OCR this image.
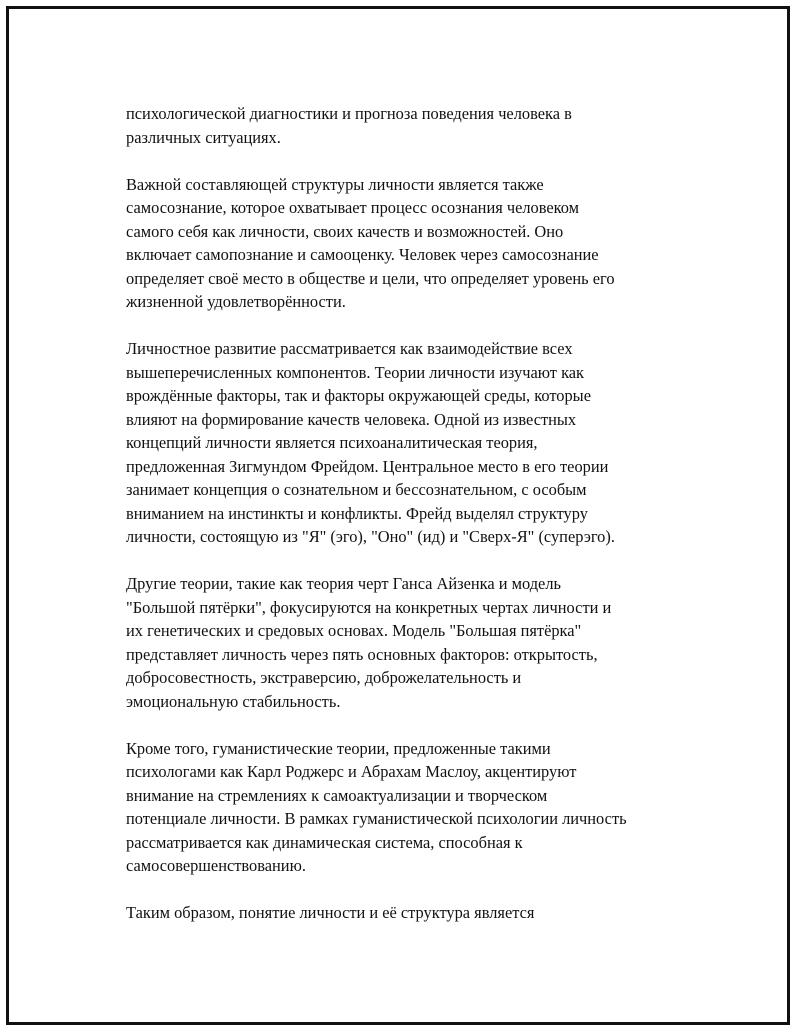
психологической диагностики и прогноза поведения человека в
различных ситуациях.

Важной составляющей структуры личности является также
самосознание, которое охватывает процесс осознания человеком
самого себя как личности, своих качеств и возможностей. Оно
включает самопознание и самооценку. Человек через самосознание
определяет своё место в обществе и цели, что определяет уровень его
жизненной удовлетворённости.

Личностное развитие рассматривается как взаимодействие всех
вышеперечисленных компонентов. Теории личности изучают как
врождённые факторы, так и факторы окружающей среды, которые
влияют на формирование качеств человека. Одной из известных
концепций личности является психоаналитическая теория,
предложенная Зигмундом Фрейдом. Центральное место в его теории
занимает концепция о сознательном и бессознательном, с особым
вниманием на инстинкты и конфликты. Фрейд выделял структуру
личности, состоящую из "Я" (эго), "Оно" (ид) и "Сверх-Я" (суперэго).

Другие теории, такие как теория черт Ганса Айзенка и модель
"Большой пятёрки", фокусируются на конкретных чертах личности и
их генетических и средовых основах. Модель "Большая пятёрка"
представляет личность через пять основных факторов: открытость,
добросовестность, экстраверсию, доброжелательность и
эмоциональную стабильность.

Кроме того, гуманистические теории, предложенные такими
психологами как Карл Роджерс и Абрахам Маслоу, акцентируют
внимание на стремлениях к самоактуализации и творческом
потенциале личности. В рамках гуманистической психологии личность
рассматривается как динамическая система, способная к
самосовершенствованию.

Таким образом, понятие личности и её структура является
